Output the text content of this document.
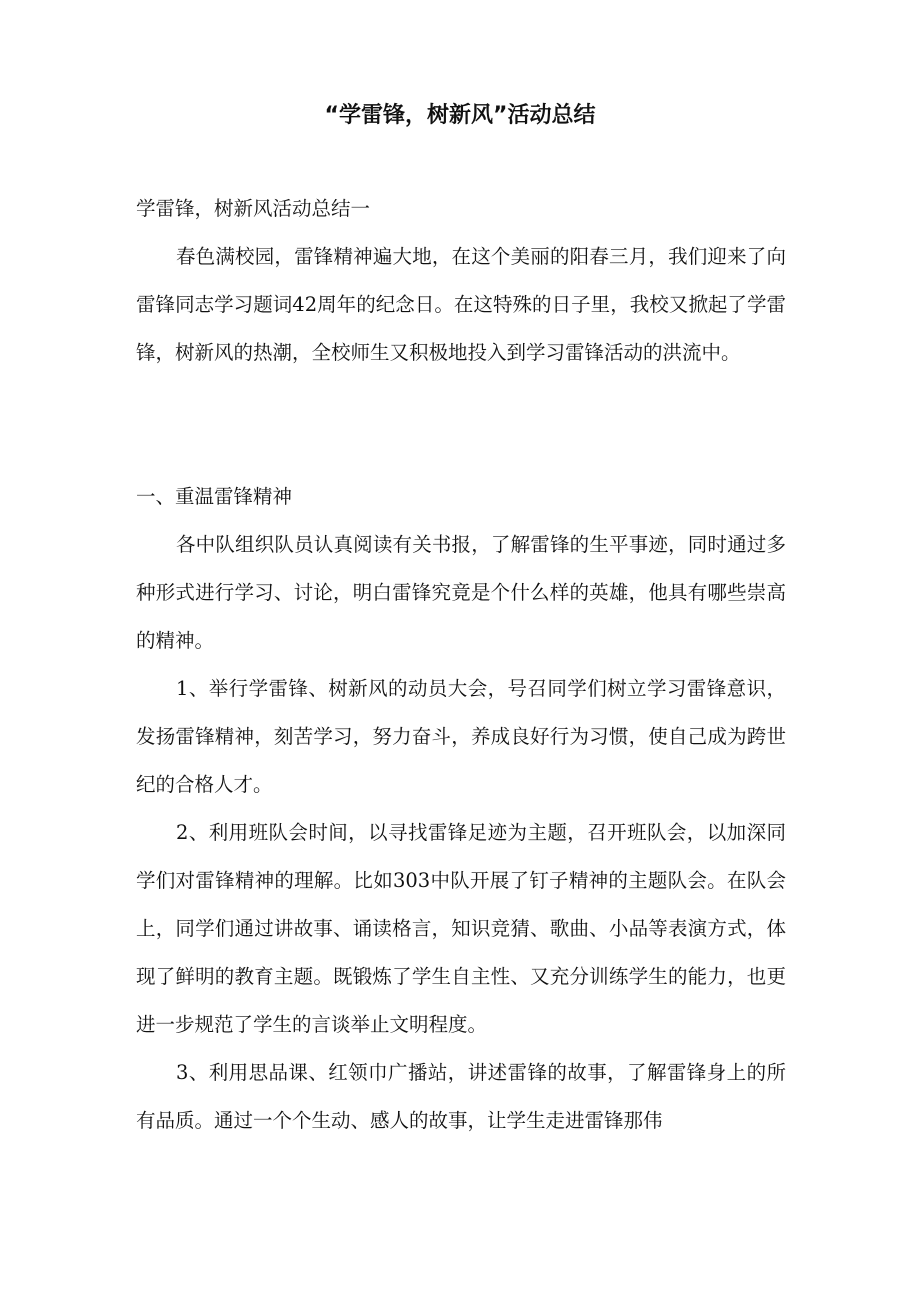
“学雷锋，树新风”活动总结

学雷锋，树新风活动总结一

春色满校园，雷锋精神遍大地，在这个美丽的阳春三月，我们迎来了向雷锋同志学习题词42周年的纪念日。在这特殊的日子里，我校又掀起了学雷锋，树新风的热潮，全校师生又积极地投入到学习雷锋活动的洪流中。

一、重温雷锋精神

各中队组织队员认真阅读有关书报，了解雷锋的生平事迹，同时通过多种形式进行学习、讨论，明白雷锋究竟是个什么样的英雄，他具有哪些崇高的精神。

1、举行学雷锋、树新风的动员大会，号召同学们树立学习雷锋意识，发扬雷锋精神，刻苦学习，努力奋斗，养成良好行为习惯，使自己成为跨世纪的合格人才。

2、利用班队会时间，以寻找雷锋足迹为主题，召开班队会，以加深同学们对雷锋精神的理解。比如303中队开展了钉子精神的主题队会。在队会上，同学们通过讲故事、诵读格言，知识竞猜、歌曲、小品等表演方式，体现了鲜明的教育主题。既锻炼了学生自主性、又充分训练学生的能力，也更进一步规范了学生的言谈举止文明程度。

3、利用思品课、红领巾广播站，讲述雷锋的故事，了解雷锋身上的所有品质。通过一个个生动、感人的故事，让学生走进雷锋那伟
